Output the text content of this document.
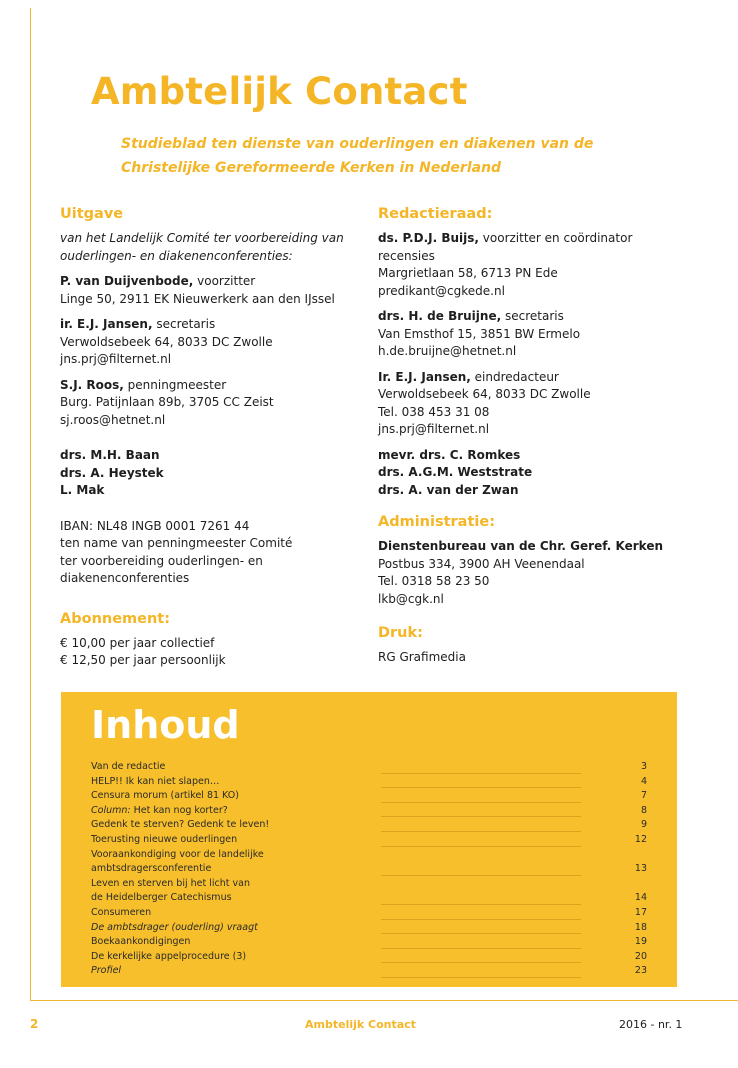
Ambtelijk Contact
Studieblad ten dienste van ouderlingen en diakenen van de
Christelijke Gereformeerde Kerken in Nederland
Uitgave

van het Landelijk Comité ter voorbereiding van
ouderlingen- en diakenenconferenties:

P. van Duijvenbode, voorzitter
Linge 50, 2911 EK Nieuwerkerk aan den IJssel

ir. E.J. Jansen, secretaris
Verwoldsebeek 64, 8033 DC Zwolle
jns.prj@filternet.nl

S.J. Roos, penningmeester
Burg. Patijnlaan 89b, 3705 CC Zeist
sj.roos@hetnet.nl

drs. M.H. Baan
drs. A. Heystek
L. Mak

IBAN: NL48 INGB 0001 7261 44
ten name van penningmeester Comité
ter voorbereiding ouderlingen- en
diakenenconferenties

Abonnement:

€ 10,00 per jaar collectief
€ 12,50 per jaar persoonlijk

Redactieraad:

ds. P.D.J. Buijs, voorzitter en coördinator
recensies
Margrietlaan 58, 6713 PN Ede
predikant@cgkede.nl

drs. H. de Bruijne, secretaris
Van Emsthof 15, 3851 BW Ermelo
h.de.bruijne@hetnet.nl

Ir. E.J. Jansen, eindredacteur
Verwoldsebeek 64, 8033 DC Zwolle
Tel. 038 453 31 08
jns.prj@filternet.nl

mevr. drs. C. Romkes
drs. A.G.M. Weststrate
drs. A. van der Zwan

Administratie:

Dienstenbureau van de Chr. Geref. Kerken
Postbus 334, 3900 AH Veenendaal
Tel. 0318 58 23 50
lkb@cgk.nl

Druk:

RG Grafimedia

Inhoud
Van de redactie	3
HELP!! Ik kan niet slapen…	4
Censura morum (artikel 81 KO)	7
Column: Het kan nog korter?	8
Gedenk te sterven? Gedenk te leven!	9
Toerusting nieuwe ouderlingen	12
Vooraankondiging voor de landelijke
ambtsdragersconferentie	13
Leven en sterven bij het licht van
de Heidelberger Catechismus	14
Consumeren	17
De ambtsdrager (ouderling) vraagt	18
Boekaankondigingen	19
De kerkelijke appelprocedure (3)	20
Profiel	23
2	Ambtelijk Contact	2016 - nr. 1
